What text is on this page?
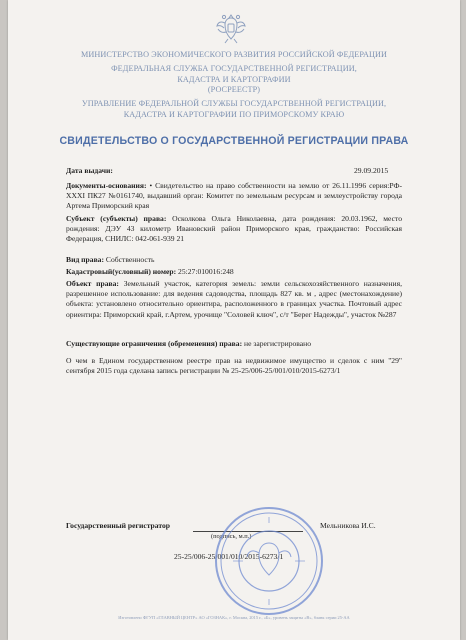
МИНИСТЕРСТВО ЭКОНОМИЧЕСКОГО РАЗВИТИЯ РОССИЙСКОЙ ФЕДЕРАЦИИ
ФЕДЕРАЛЬНАЯ СЛУЖБА ГОСУДАРСТВЕННОЙ РЕГИСТРАЦИИ,
КАДАСТРА И КАРТОГРАФИИ
(РОСРЕЕСТР)
УПРАВЛЕНИЕ ФЕДЕРАЛЬНОЙ СЛУЖБЫ ГОСУДАРСТВЕННОЙ РЕГИСТРАЦИИ,
КАДАСТРА И КАРТОГРАФИИ ПО ПРИМОРСКОМУ КРАЮ
СВИДЕТЕЛЬСТВО О ГОСУДАРСТВЕННОЙ РЕГИСТРАЦИИ ПРАВА
Дата выдачи:	29.09.2015
Документы-основания: • Свидетельство на право собственности на землю от 26.11.1996 серия:РФ-XXXI ПК27 №0161740, выдавший орган: Комитет по земельным ресурсам и землеустройству города Артема Приморский края
Субъект (субъекты) права: Осколкова Ольга Николаевна, дата рождения: 20.03.1962, место рождения: ДЭУ 43 километр Ивановский район Приморского края, гражданство: Российская Федерация, СНИЛС: 042-061-939 21
Вид права: Собственность
Кадастровый(условный) номер: 25:27:010016:248
Объект права: Земельный участок, категория земель: земли сельскохозяйственного назначения, разрешенное использование: для ведения садоводства, площадь 827 кв. м , адрес (местонахождение) объекта: установлено относительно ориентира, расположенного в границах участка. Почтовый адрес ориентира: Приморский край, г.Артем, урочище "Соловей ключ", с/т "Берег Надежды", участок №287
Существующие ограничения (обременения) права: не зарегистрировано
О чем в Едином государственном реестре прав на недвижимое имущество и сделок с ним "29" сентября 2015 года сделана запись регистрации № 25-25/006-25/001/010/2015-6273/1

Государственный регистратор	Мельникова И.С.
(подпись, м.п.)
25-25/006-25/001/010/2015-6273/1
Изготовлено ФГУП «ГЛАВНЫЙ ЦЕНТР» АО «ГОЗНАК», г. Москва, 2015 г., «Б», уровень защиты «В», бланк серии 25-АА
